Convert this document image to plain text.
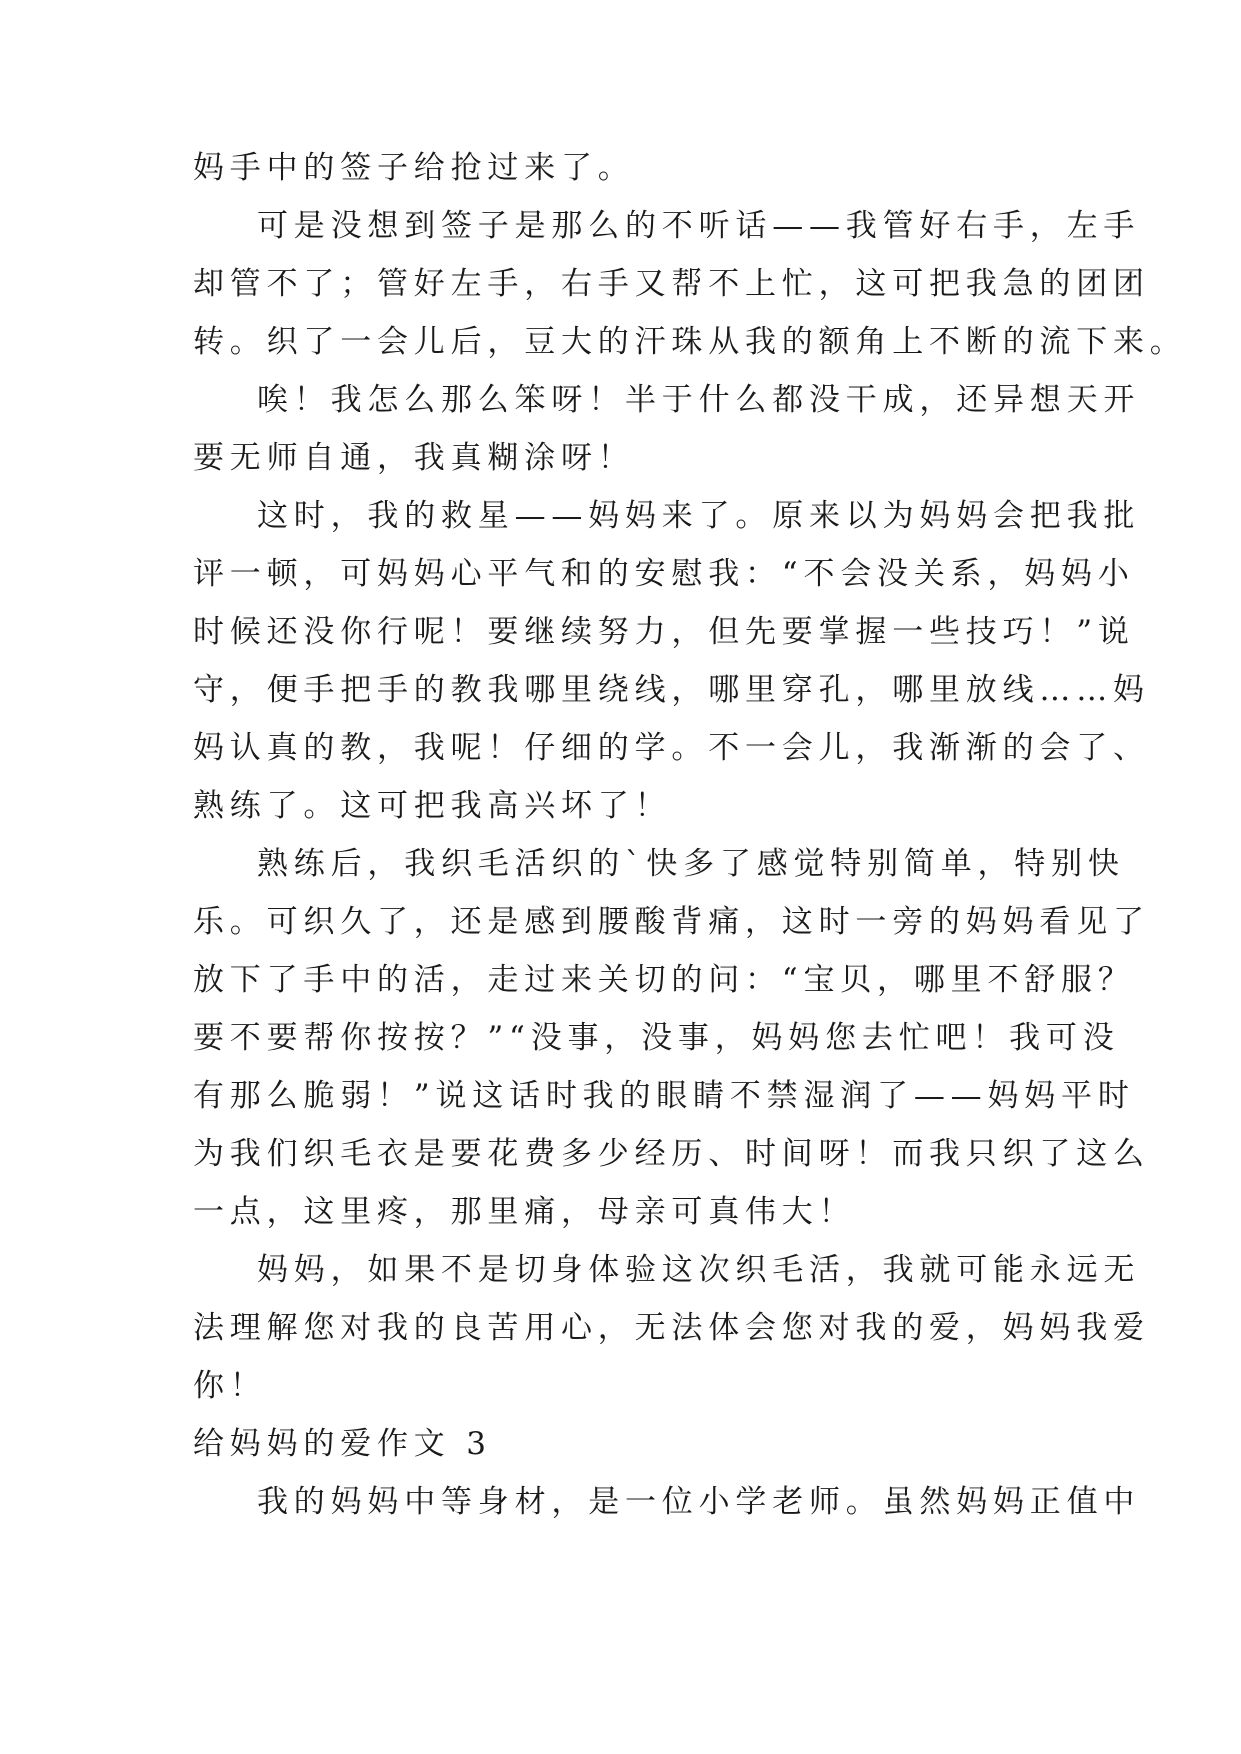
妈手中的签子给抢过来了。

可是没想到签子是那么的不听话——我管好右手，左手

却管不了；管好左手，右手又帮不上忙，这可把我急的团团

转。织了一会儿后，豆大的汗珠从我的额角上不断的流下来。

唉！我怎么那么笨呀！半于什么都没干成，还异想天开

要无师自通，我真糊涂呀！

这时，我的救星——妈妈来了。原来以为妈妈会把我批

评一顿，可妈妈心平气和的安慰我：“不会没关系，妈妈小

时候还没你行呢！要继续努力，但先要掌握一些技巧！”说

守，便手把手的教我哪里绕线，哪里穿孔，哪里放线……妈

妈认真的教，我呢！仔细的学。不一会儿，我渐渐的会了、

熟练了。这可把我高兴坏了！

熟练后，我织毛活织的`快多了感觉特别简单，特别快

乐。可织久了，还是感到腰酸背痛，这时一旁的妈妈看见了

放下了手中的活，走过来关切的问：“宝贝，哪里不舒服？

要不要帮你按按？”“没事，没事，妈妈您去忙吧！我可没

有那么脆弱！”说这话时我的眼睛不禁湿润了——妈妈平时

为我们织毛衣是要花费多少经历、时间呀！而我只织了这么

一点，这里疼，那里痛，母亲可真伟大！

妈妈，如果不是切身体验这次织毛活，我就可能永远无

法理解您对我的良苦用心，无法体会您对我的爱，妈妈我爱

你！

给妈妈的爱作文 3

我的妈妈中等身材，是一位小学老师。虽然妈妈正值中
